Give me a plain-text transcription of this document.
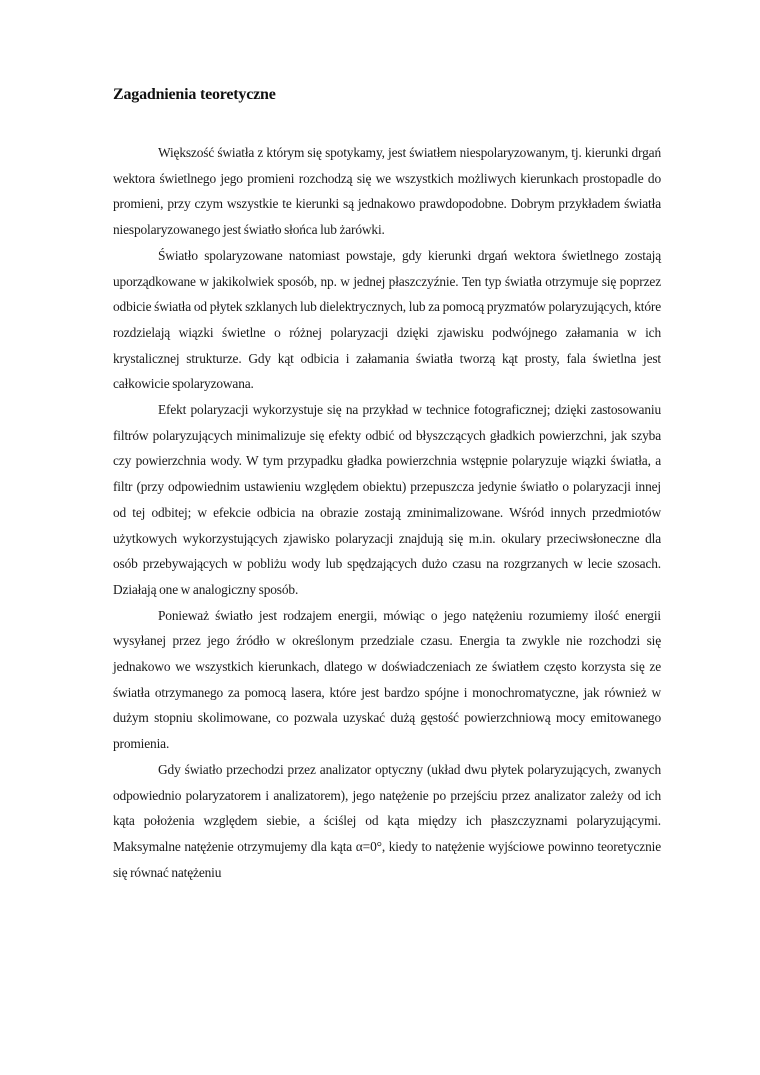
Zagadnienia teoretyczne

Większość światła z którym się spotykamy, jest światłem niespolaryzowanym, tj. kierunki drgań wektora świetlnego jego promieni rozchodzą się we wszystkich możliwych kierunkach prostopadle do promieni, przy czym wszystkie te kierunki są jednakowo prawdopodobne. Dobrym przykładem światła niespolaryzowanego jest światło słońca lub żarówki.

Światło spolaryzowane natomiast powstaje, gdy kierunki drgań wektora świetlnego zostają uporządkowane w jakikolwiek sposób, np. w jednej płaszczyźnie. Ten typ światła otrzymuje się poprzez odbicie światła od płytek szklanych lub dielektrycznych, lub za pomocą pryzmatów polaryzujących, które rozdzielają wiązki świetlne o różnej polaryzacji dzięki zjawisku podwójnego załamania w ich krystalicznej strukturze. Gdy kąt odbicia i załamania światła tworzą kąt prosty, fala świetlna jest całkowicie spolaryzowana.

Efekt polaryzacji wykorzystuje się na przykład w technice fotograficznej; dzięki zastosowaniu filtrów polaryzujących minimalizuje się efekty odbić od błyszczących gładkich powierzchni, jak szyba czy powierzchnia wody. W tym przypadku gładka powierzchnia wstępnie polaryzuje wiązki światła, a filtr (przy odpowiednim ustawieniu względem obiektu) przepuszcza jedynie światło o polaryzacji innej od tej odbitej; w efekcie odbicia na obrazie zostają zminimalizowane. Wśród innych przedmiotów użytkowych wykorzystujących zjawisko polaryzacji znajdują się m.in. okulary przeciwsłoneczne dla osób przebywających w pobliżu wody lub spędzających dużo czasu na rozgrzanych w lecie szosach. Działają one w analogiczny sposób.

Ponieważ światło jest rodzajem energii, mówiąc o jego natężeniu rozumiemy ilość energii wysyłanej przez jego źródło w określonym przedziale czasu. Energia ta zwykle nie rozchodzi się jednakowo we wszystkich kierunkach, dlatego w doświadczeniach ze światłem często korzysta się ze światła otrzymanego za pomocą lasera, które jest bardzo spójne i monochromatyczne, jak również w dużym stopniu skolimowane, co pozwala uzyskać dużą gęstość powierzchniową mocy emitowanego promienia.

Gdy światło przechodzi przez analizator optyczny (układ dwu płytek polaryzujących, zwanych odpowiednio polaryzatorem i analizatorem), jego natężenie po przejściu przez analizator zależy od ich kąta położenia względem siebie, a ściślej od kąta między ich płaszczyznami polaryzującymi. Maksymalne natężenie otrzymujemy dla kąta α=0°, kiedy to natężenie wyjściowe powinno teoretycznie się równać natężeniu
